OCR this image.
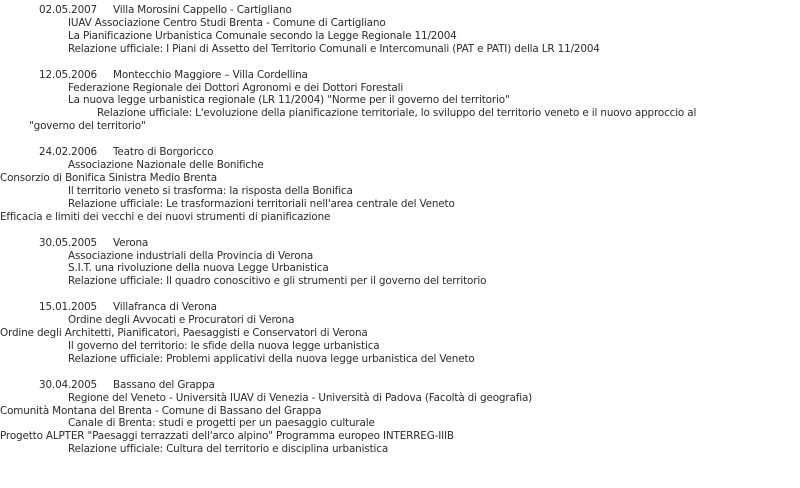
02.05.2007 Villa Morosini Cappello - Cartigliano
IUAV Associazione Centro Studi Brenta - Comune di Cartigliano
La Pianificazione Urbanistica Comunale secondo la Legge Regionale 11/2004
Relazione ufficiale: I Piani di Assetto del Territorio Comunali e Intercomunali (PAT e PATI) della LR 11/2004
12.05.2006 Montecchio Maggiore – Villa Cordellina
Federazione Regionale dei Dottori Agronomi e dei Dottori Forestali
La nuova legge urbanistica regionale (LR 11/2004) "Norme per il governo del territorio"
Relazione ufficiale: L'evoluzione della pianificazione territoriale, lo sviluppo del territorio veneto e il nuovo approccio al "governo del territorio"
24.02.2006 Teatro di Borgoricco
Associazione Nazionale delle Bonifiche
Consorzio di Bonifica Sinistra Medio Brenta
Il territorio veneto si trasforma: la risposta della Bonifica
Relazione ufficiale: Le trasformazioni territoriali nell'area centrale del Veneto
Efficacia e limiti dei vecchi e dei nuovi strumenti di pianificazione
30.05.2005 Verona
Associazione industriali della Provincia di Verona
S.I.T. una rivoluzione della nuova Legge Urbanistica
Relazione ufficiale: Il quadro conoscitivo e gli strumenti per il governo del territorio
15.01.2005 Villafranca di Verona
Ordine degli Avvocati e Procuratori di Verona
Ordine degli Architetti, Pianificatori, Paesaggisti e Conservatori di Verona
Il governo del territorio: le sfide della nuova legge urbanistica
Relazione ufficiale: Problemi applicativi della nuova legge urbanistica del Veneto
30.04.2005 Bassano del Grappa
Regione del Veneto - Università IUAV di Venezia - Università di Padova (Facoltà di geografia)
Comunità Montana del Brenta - Comune di Bassano del Grappa
Canale di Brenta: studi e progetti per un paesaggio culturale
Progetto ALPTER "Paesaggi terrazzati dell'arco alpino" Programma europeo INTERREG-IIIB
Relazione ufficiale: Cultura del territorio e disciplina urbanistica
